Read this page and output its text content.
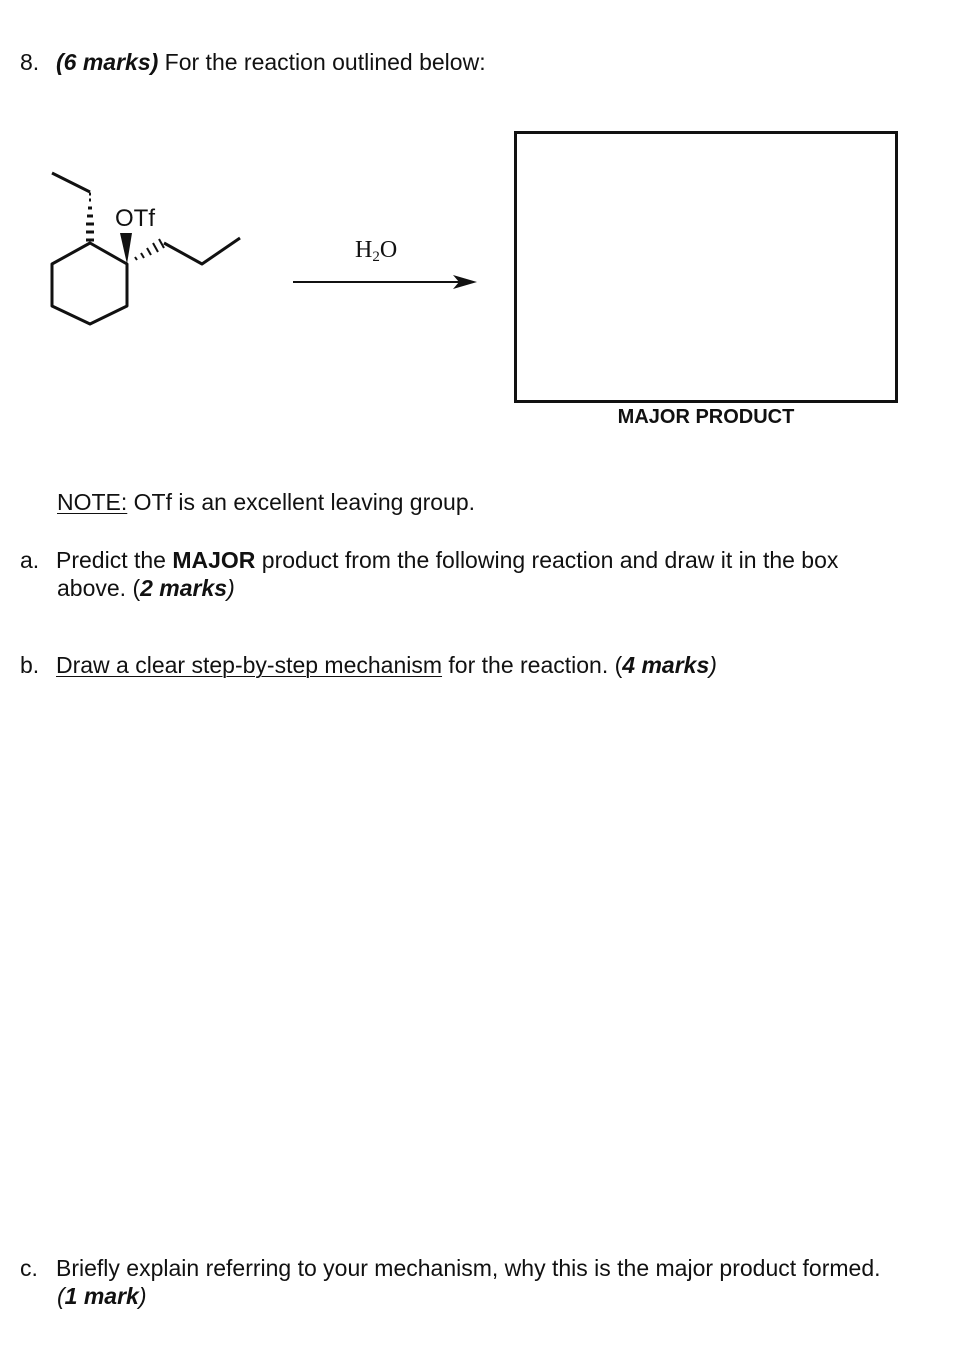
8. (6 marks) For the reaction outlined below:
OTf
$H_2O$
MAJOR PRODUCT
NOTE: OTf is an excellent leaving group.
a. Predict the MAJOR product from the following reaction and draw it in the box
above. (2 marks)
b. Draw a clear step-by-step mechanism for the reaction. (4 marks)
c. Briefly explain referring to your mechanism, why this is the major product formed.
(1 mark)
